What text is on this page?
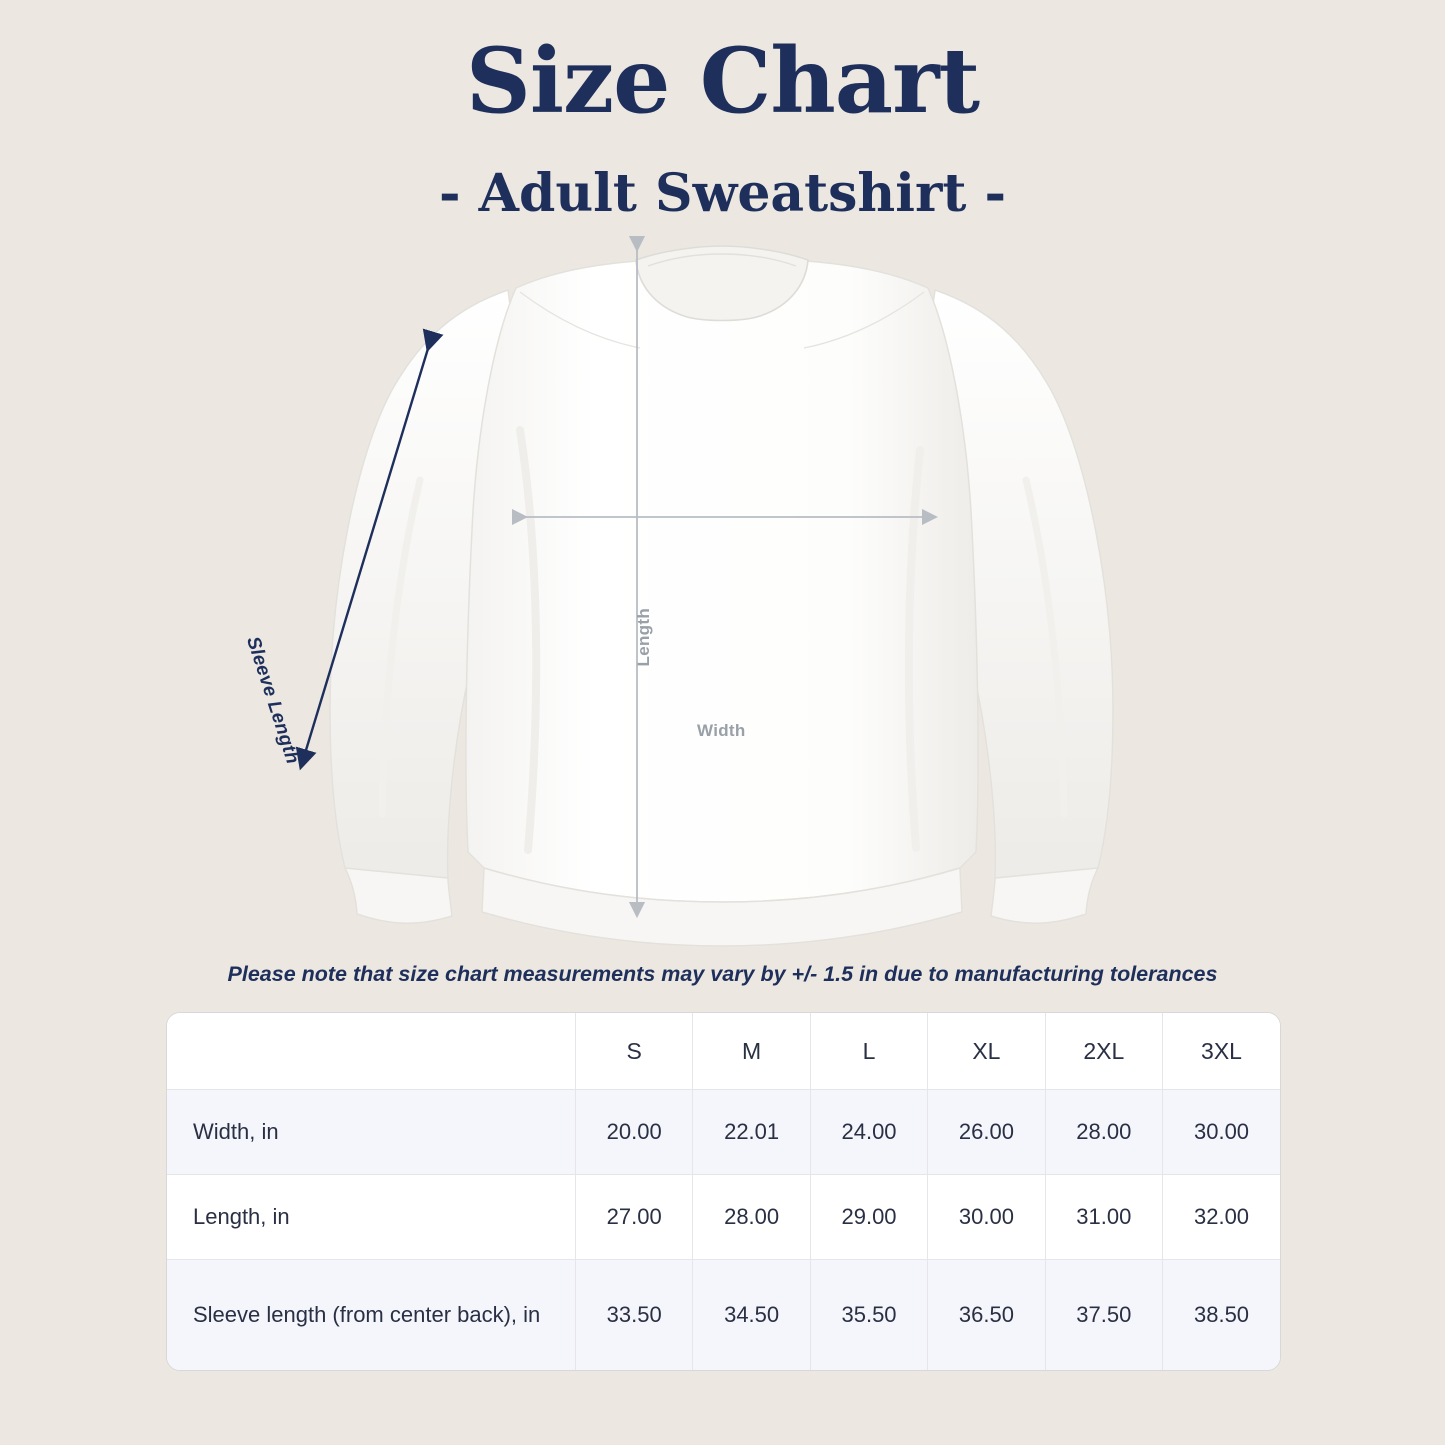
Size Chart
- Adult Sweatshirt -
Length
Width
Sleeve Length
Please note that size chart measurements may vary by +/- 1.5 in due to manufacturing tolerances
	S	M	L	XL	2XL	3XL
Width, in	20.00	22.01	24.00	26.00	28.00	30.00
Length, in	27.00	28.00	29.00	30.00	31.00	32.00
Sleeve length (from center back), in	33.50	34.50	35.50	36.50	37.50	38.50
